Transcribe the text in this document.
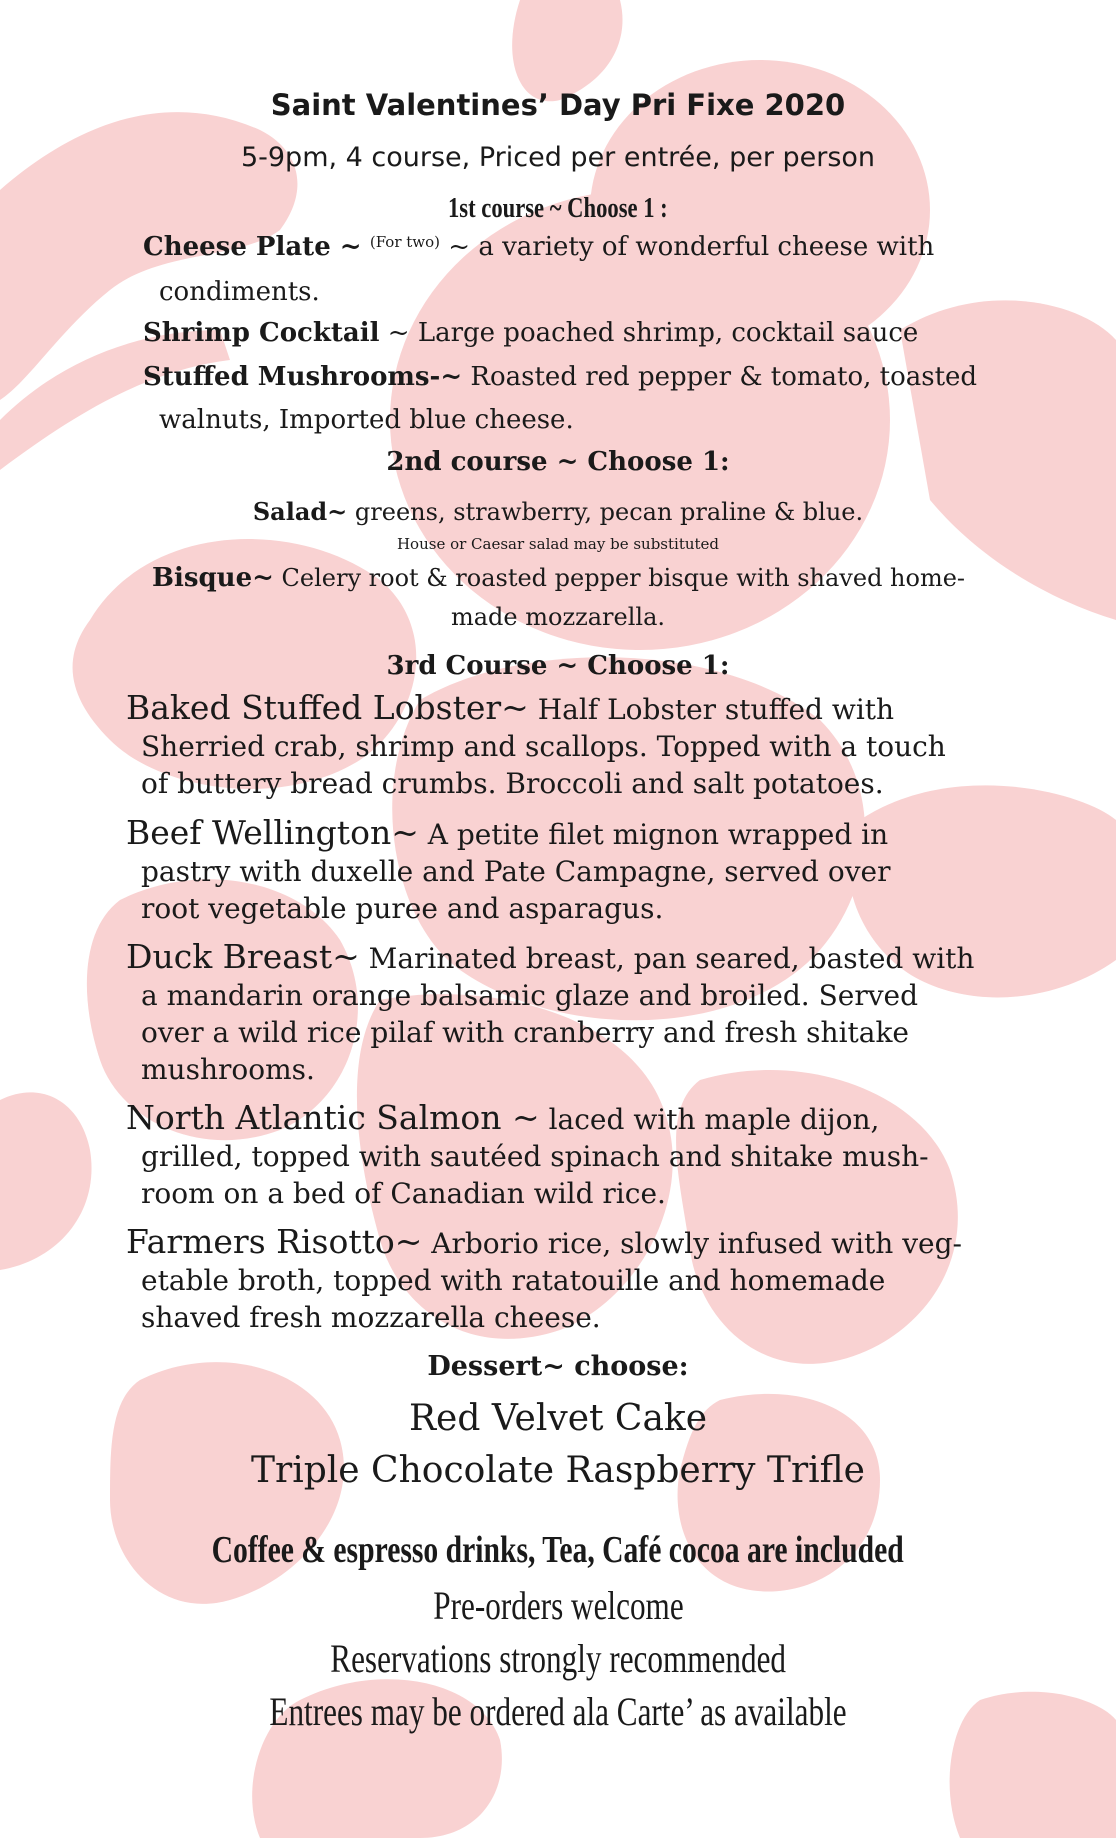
Saint Valentines’ Day Pri Fixe 2020
5-9pm, 4 course, Priced per entrée, per person
1st course ~ Choose 1 :
Cheese Plate ~ $^{(For two)}$ ~ a variety of wonderful cheese with
condiments.
Shrimp Cocktail ~ Large poached shrimp, cocktail sauce
Stuffed Mushrooms-~ Roasted red pepper & tomato, toasted
walnuts, Imported blue cheese.
2nd course ~ Choose 1:
Salad~ greens, strawberry, pecan praline & blue.
House or Caesar salad may be substituted
Bisque~ Celery root & roasted pepper bisque with shaved home-
made mozzarella.
3rd Course ~ Choose 1:
Baked Stuffed Lobster~ Half Lobster stuffed with
Sherried crab, shrimp and scallops. Topped with a touch
of buttery bread crumbs. Broccoli and salt potatoes.
Beef Wellington~ A petite filet mignon wrapped in
pastry with duxelle and Pate Campagne, served over
root vegetable puree and asparagus.
Duck Breast~ Marinated breast, pan seared, basted with
a mandarin orange balsamic glaze and broiled. Served
over a wild rice pilaf with cranberry and fresh shitake
mushrooms.
North Atlantic Salmon ~ laced with maple dijon,
grilled, topped with sautéed spinach and shitake mush-
room on a bed of Canadian wild rice.
Farmers Risotto~ Arborio rice, slowly infused with veg-
etable broth, topped with ratatouille and homemade
shaved fresh mozzarella cheese.
Dessert~ choose:
Red Velvet Cake
Triple Chocolate Raspberry Trifle
Coffee & espresso drinks, Tea, Café cocoa are included
Pre-orders welcome
Reservations strongly recommended
Entrees may be ordered ala Carte’ as available
